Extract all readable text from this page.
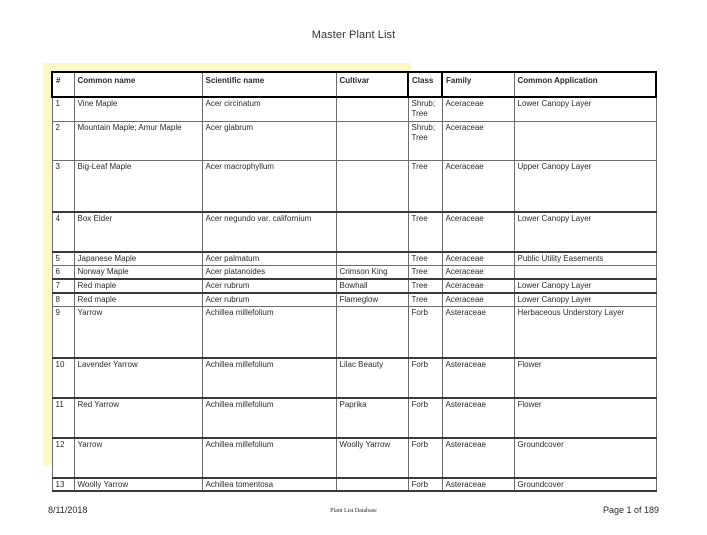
Master Plant List
#	Common name	Scientific name	Cultivar	Class	Family	Common Application
1	Vine Maple	Acer circinatum		Shrub; Tree	Aceraceae	Lower Canopy Layer
2	Mountain Maple; Amur Maple	Acer glabrum		Shrub; Tree	Aceraceae	
3	Big-Leaf Maple	Acer macrophyllum		Tree	Aceraceae	Upper Canopy Layer
4	Box Elder	Acer negundo var. californium		Tree	Aceraceae	Lower Canopy Layer
5	Japanese Maple	Acer palmatum		Tree	Aceraceae	Public Utility Easements
6	Norway Maple	Acer platanoides	Crimson King	Tree	Aceraceae	
7	Red maple	Acer rubrum	Bowhall	Tree	Aceraceae	Lower Canopy Layer
8	Red maple	Acer rubrum	Flameglow	Tree	Aceraceae	Lower Canopy Layer
9	Yarrow	Achillea millefolium		Forb	Asteraceae	Herbaceous Understory Layer
10	Lavender Yarrow	Achillea millefolium	Lilac Beauty	Forb	Asteraceae	Flower
11	Red Yarrow	Achillea millefolium	Paprika	Forb	Asteraceae	Flower
12	Yarrow	Achillea millefolium	Woolly Yarrow	Forb	Asteraceae	Groundcover
13	Woolly Yarrow	Achillea tomentosa		Forb	Asteraceae	Groundcover
8/11/2018	Plant List Database	Page 1 of 189
